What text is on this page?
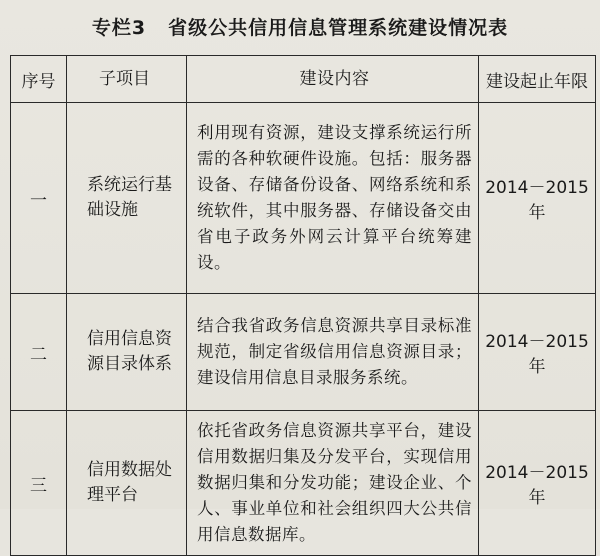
专栏3 省级公共信用信息管理系统建设情况表
序号	子项目	建设内容	建设起止年限
一	系统运行基础设施	利用现有资源，建设支撑系统运行所需的各种软硬件设施。包括：服务器设备、存储备份设备、网络系统和系统软件，其中服务器、存储设备交由省电子政务外网云计算平台统筹建设。	2014－2015 年
二	信用信息资源目录体系	结合我省政务信息资源共享目录标准规范，制定省级信用信息资源目录；建设信用信息目录服务系统。	2014－2015 年
三	信用数据处理平台	依托省政务信息资源共享平台，建设信用数据归集及分发平台，实现信用数据归集和分发功能；建设企业、个人、事业单位和社会组织四大公共信用信息数据库。	2014－2015 年
